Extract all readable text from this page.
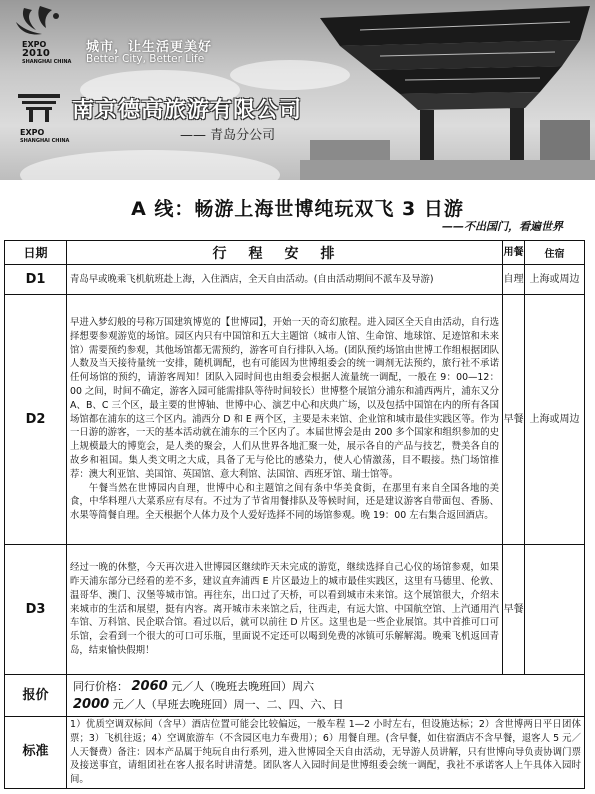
EXPO
2010
SHANGHAI CHINA
城市，让生活更美好
Better City, Better Life
EXPO
SHANGHAI CHINA
南京德高旅游有限公司
—— 青岛分公司
A 线：畅游上海世博纯玩双飞 3 日游
——不出国门，看遍世界
日期	行程安排	用餐	住宿
D1	青岛早或晚乘飞机航班赴上海，入住酒店，全天自由活动。(自由活动期间不派车及导游)	自理	上海或周边
D2	早进入梦幻般的号称万国建筑博览的【世博园】，开始一天的奇幻旅程。进入园区全天自由活动，自行选择想要参观游览的场馆。园区内只有中国馆和五大主题馆（城市人馆、生命馆、地球馆、足迹馆和未来馆）需要预约参观，其他场馆都无需预约，游客可自行排队入场。(团队预约场馆由世博工作组根据团队人数及当天接待量统一安排，随机调配，也有可能因为世博组委会的统一调剂无法预约，旅行社不承诺任何场馆的预约，请游客周知！团队入园时间也由组委会根据人流量统一调配，一般在 9：00—12：00 之间，时间不确定，游客入园可能需排队等待时间较长）世博整个展馆分浦东和浦西两片，浦东又分 A、B、C 三个区，最主要的世博轴、世博中心、演艺中心和庆典广场，以及包括中国馆在内的所有各国场馆都在浦东的这三个区内。浦西分 D 和 E 两个区，主要是未来馆、企业馆和城市最佳实践区等。作为一日游的游客，一天的基本活动就在浦东的三个区内了。本届世博会是由 200 多个国家和组织参加的史上规模最大的博览会，是人类的聚会，人们从世界各地汇聚一处，展示各自的产品与技艺，赞美各自的故乡和祖国。集人类文明之大成，具备了无与伦比的感染力，使人心情激荡，目不暇接。热门场馆推荐：澳大利亚馆、美国馆、英国馆、意大利馆、法国馆、西班牙馆、瑞士馆等。
午餐当然在世博园内自理，世博中心和主题馆之间有条中华美食街，在那里有来自全国各地的美食，中华料理八大菜系应有尽有。不过为了节省用餐排队及等候时间，还是建议游客自带面包、香肠、水果等简餐自理。全天根据个人体力及个人爱好选择不同的场馆参观。晚 19：00 左右集合返回酒店。	早餐	上海或周边
D3	经过一晚的休整，今天再次进入世博园区继续昨天未完成的游览，继续选择自己心仪的场馆参观，如果昨天浦东部分已经看的差不多，建议直奔浦西 E 片区最边上的城市最佳实践区，这里有马德里、伦敦、温哥华、澳门、汉堡等城市馆。再往东，出口过了天桥，可以看到城市未来馆。这个展馆很大，介绍未来城市的生活和展望，挺有内容。离开城市未来馆之后，往西走，有远大馆、中国航空馆、上汽通用汽车馆、万科馆、民企联合馆。看过以后，就可以前往 D 片区。这里也是一些企业展馆。其中首推可口可乐馆，会看到一个很大的可口可乐瓶，里面说不定还可以喝到免费的冰镇可乐解解渴。晚乘飞机返回青岛，结束愉快假期！	早餐	
报价	同行价格： 2060 元／人（晚班去晚班回）周六
2000 元／人（早班去晚班回）周一、二、四、六、日		

标准	1）优质空调双标间（含早）酒店位置可能会比较偏远，一般车程 1—2 小时左右，但设施达标；2）含世博两日平日团体票；3）飞机往返；4）空调旅游车（不含园区电力车费用）；6）用餐自理。(含早餐，如住宿酒店不含早餐，退客人 5 元／人天餐费）备注：因本产品属于纯玩自由行系列，进入世博园全天自由活动，无导游人员讲解，只有世博向导负责协调门票及接送事宜，请组团社在客人报名时讲清楚。团队客人入园时间是世博组委会统一调配，我社不承诺客人上午具体入园时间。		
